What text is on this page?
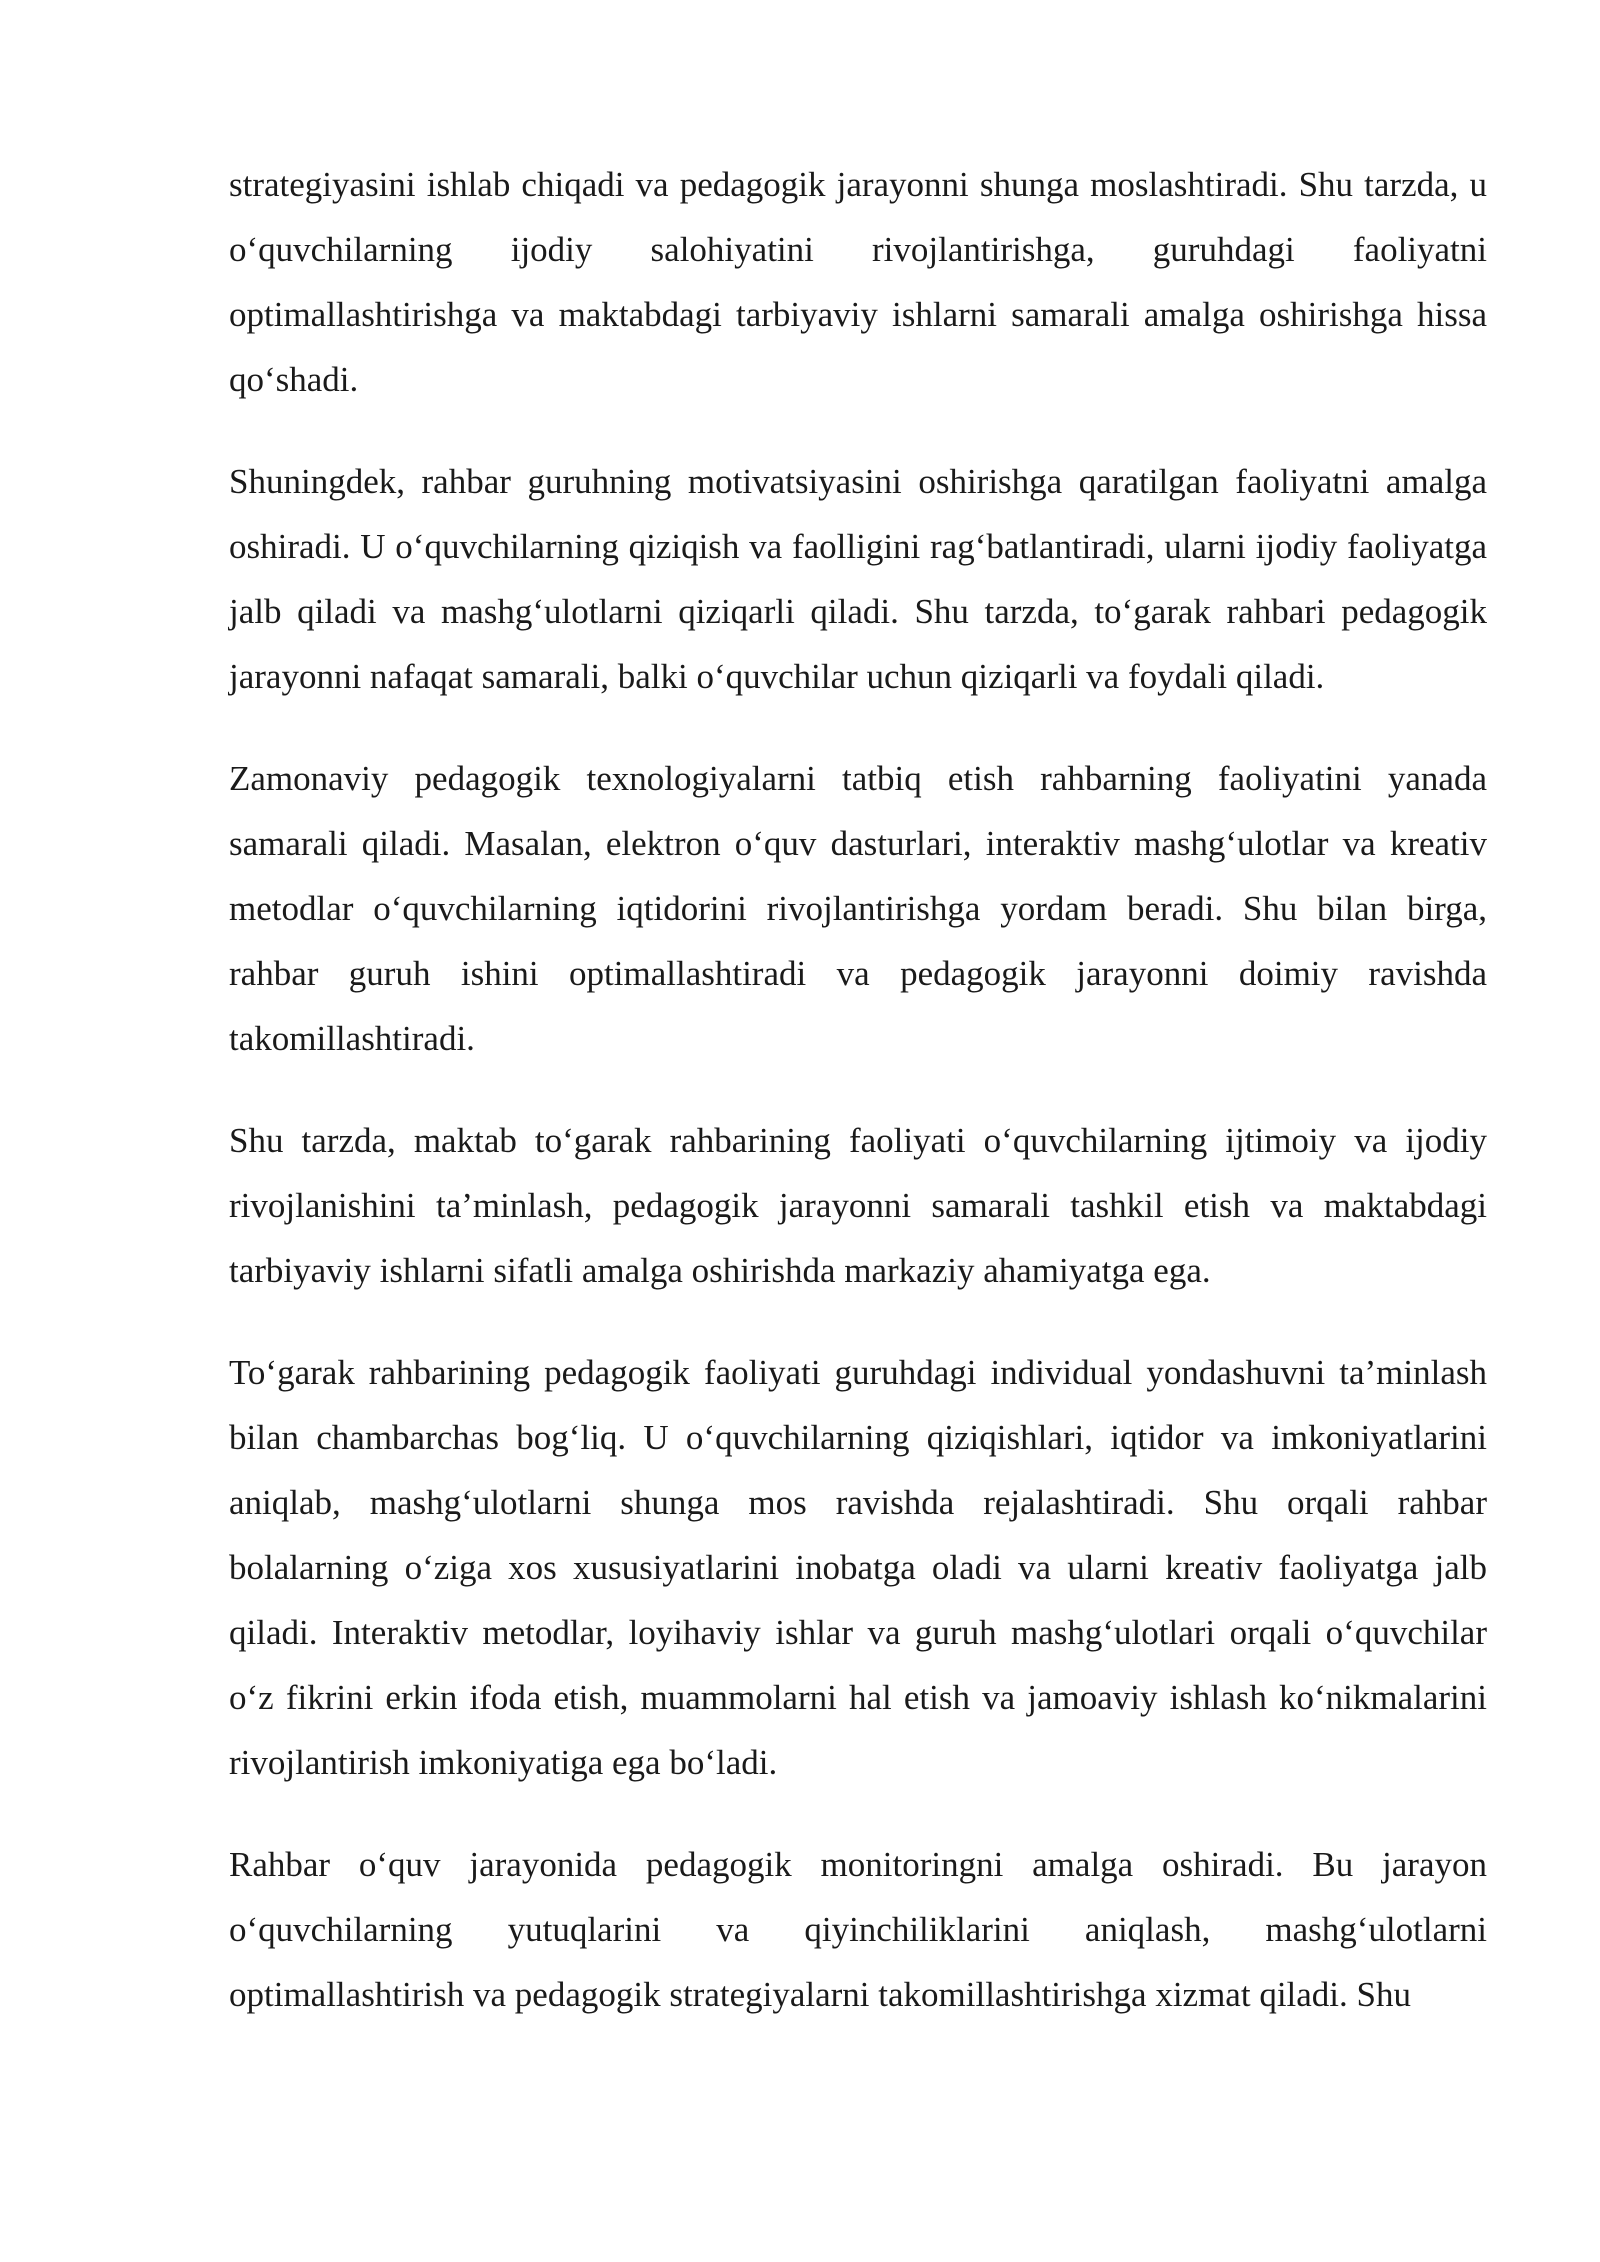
strategiyasini ishlab chiqadi va pedagogik jarayonni shunga moslashtiradi. Shu tarzda, u o‘quvchilarning ijodiy salohiyatini rivojlantirishga, guruhdagi faoliyatni optimallashtirishga va maktabdagi tarbiyaviy ishlarni samarali amalga oshirishga hissa qo‘shadi.

Shuningdek, rahbar guruhning motivatsiyasini oshirishga qaratilgan faoliyatni amalga oshiradi. U o‘quvchilarning qiziqish va faolligini rag‘batlantiradi, ularni ijodiy faoliyatga jalb qiladi va mashg‘ulotlarni qiziqarli qiladi. Shu tarzda, to‘garak rahbari pedagogik jarayonni nafaqat samarali, balki o‘quvchilar uchun qiziqarli va foydali qiladi.

Zamonaviy pedagogik texnologiyalarni tatbiq etish rahbarning faoliyatini yanada samarali qiladi. Masalan, elektron o‘quv dasturlari, interaktiv mashg‘ulotlar va kreativ metodlar o‘quvchilarning iqtidorini rivojlantirishga yordam beradi. Shu bilan birga, rahbar guruh ishini optimallashtiradi va pedagogik jarayonni doimiy ravishda takomillashtiradi.

Shu tarzda, maktab to‘garak rahbarining faoliyati o‘quvchilarning ijtimoiy va ijodiy rivojlanishini ta’minlash, pedagogik jarayonni samarali tashkil etish va maktabdagi tarbiyaviy ishlarni sifatli amalga oshirishda markaziy ahamiyatga ega.

To‘garak rahbarining pedagogik faoliyati guruhdagi individual yondashuvni ta’minlash bilan chambarchas bog‘liq. U o‘quvchilarning qiziqishlari, iqtidor va imkoniyatlarini aniqlab, mashg‘ulotlarni shunga mos ravishda rejalashtiradi. Shu orqali rahbar bolalarning o‘ziga xos xususiyatlarini inobatga oladi va ularni kreativ faoliyatga jalb qiladi. Interaktiv metodlar, loyihaviy ishlar va guruh mashg‘ulotlari orqali o‘quvchilar o‘z fikrini erkin ifoda etish, muammolarni hal etish va jamoaviy ishlash ko‘nikmalarini rivojlantirish imkoniyatiga ega bo‘ladi.

Rahbar o‘quv jarayonida pedagogik monitoringni amalga oshiradi. Bu jarayon o‘quvchilarning yutuqlarini va qiyinchiliklarini aniqlash, mashg‘ulotlarni optimallashtirish va pedagogik strategiyalarni takomillashtirishga xizmat qiladi. Shu
